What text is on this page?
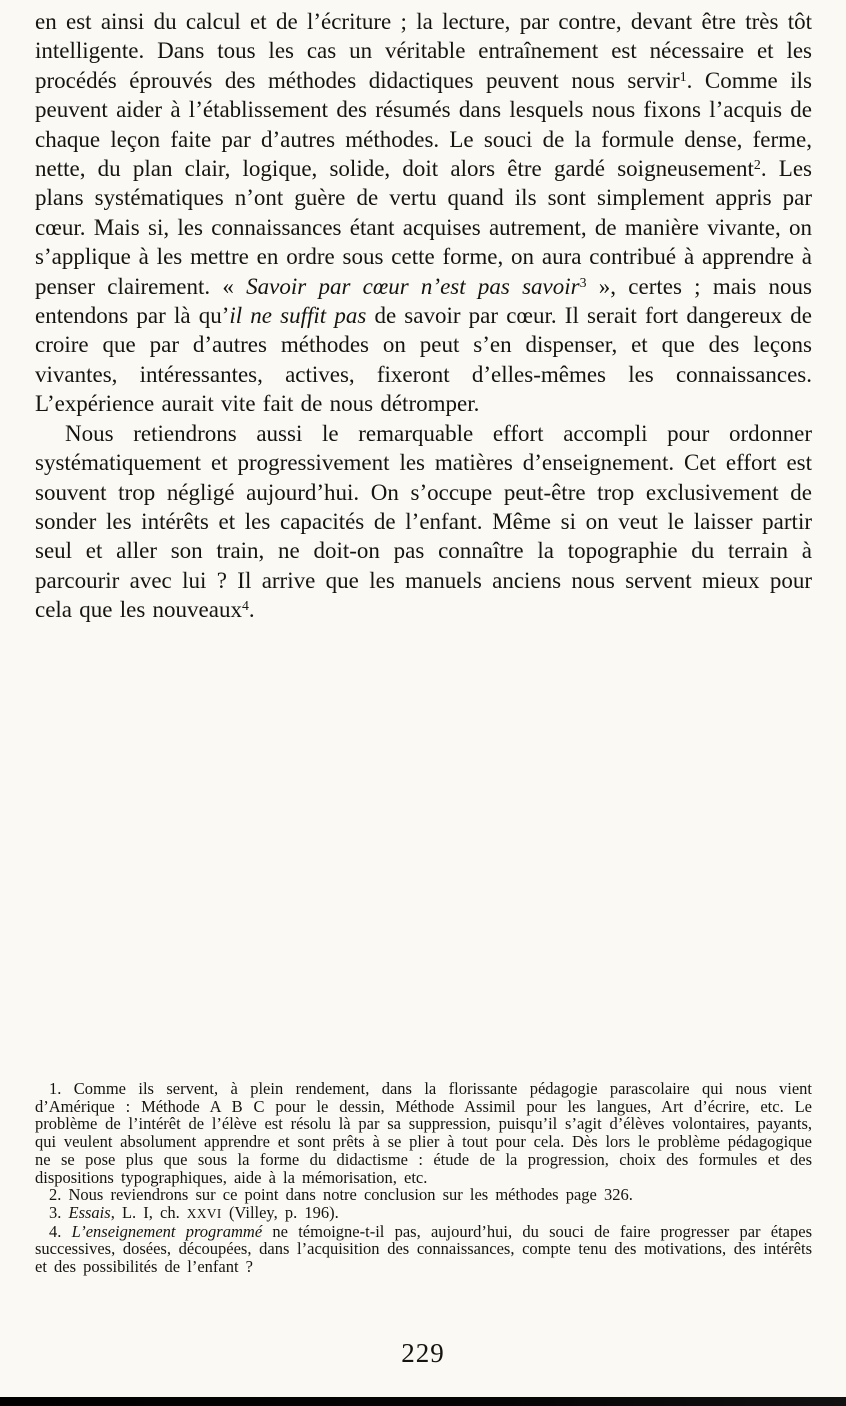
en est ainsi du calcul et de l’écriture ; la lecture, par contre, devant être très tôt intelligente. Dans tous les cas un véritable entraînement est nécessaire et les procédés éprouvés des méthodes didactiques peuvent nous servir$^1$. Comme ils peuvent aider à l’établissement des résumés dans lesquels nous fixons l’acquis de chaque leçon faite par d’autres méthodes. Le souci de la formule dense, ferme, nette, du plan clair, logique, solide, doit alors être gardé soigneusement$^2$. Les plans systématiques n’ont guère de vertu quand ils sont simplement appris par cœur. Mais si, les connaissances étant acquises autrement, de manière vivante, on s’applique à les mettre en ordre sous cette forme, on aura contribué à apprendre à penser clairement. « Savoir par cœur n’est pas savoir$^3$ », certes ; mais nous entendons par là qu’il ne suffit pas de savoir par cœur. Il serait fort dangereux de croire que par d’autres méthodes on peut s’en dispenser, et que des leçons vivantes, intéressantes, actives, fixeront d’elles-mêmes les connaissances. L’expérience aurait vite fait de nous détromper.

Nous retiendrons aussi le remarquable effort accompli pour ordonner systématiquement et progressivement les matières d’enseignement. Cet effort est souvent trop négligé aujourd’hui. On s’occupe peut-être trop exclusivement de sonder les intérêts et les capacités de l’enfant. Même si on veut le laisser partir seul et aller son train, ne doit-on pas connaître la topographie du terrain à parcourir avec lui ? Il arrive que les manuels anciens nous servent mieux pour cela que les nouveaux$^4$.

1. Comme ils servent, à plein rendement, dans la florissante pédagogie parascolaire qui nous vient d’Amérique : Méthode A B C pour le dessin, Méthode Assimil pour les langues, Art d’écrire, etc. Le problème de l’intérêt de l’élève est résolu là par sa suppression, puisqu’il s’agit d’élèves volontaires, payants, qui veulent absolument apprendre et sont prêts à se plier à tout pour cela. Dès lors le problème pédagogique ne se pose plus que sous la forme du didactisme : étude de la progression, choix des formules et des dispositions typographiques, aide à la mémorisation, etc.

2. Nous reviendrons sur ce point dans notre conclusion sur les méthodes page 326.

3. Essais, L. I, ch. XXVI (Villey, p. 196).

4. L’enseignement programmé ne témoigne-t-il pas, aujourd’hui, du souci de faire progresser par étapes successives, dosées, découpées, dans l’acquisition des connaissances, compte tenu des motivations, des intérêts et des possibilités de l’enfant ?

229
